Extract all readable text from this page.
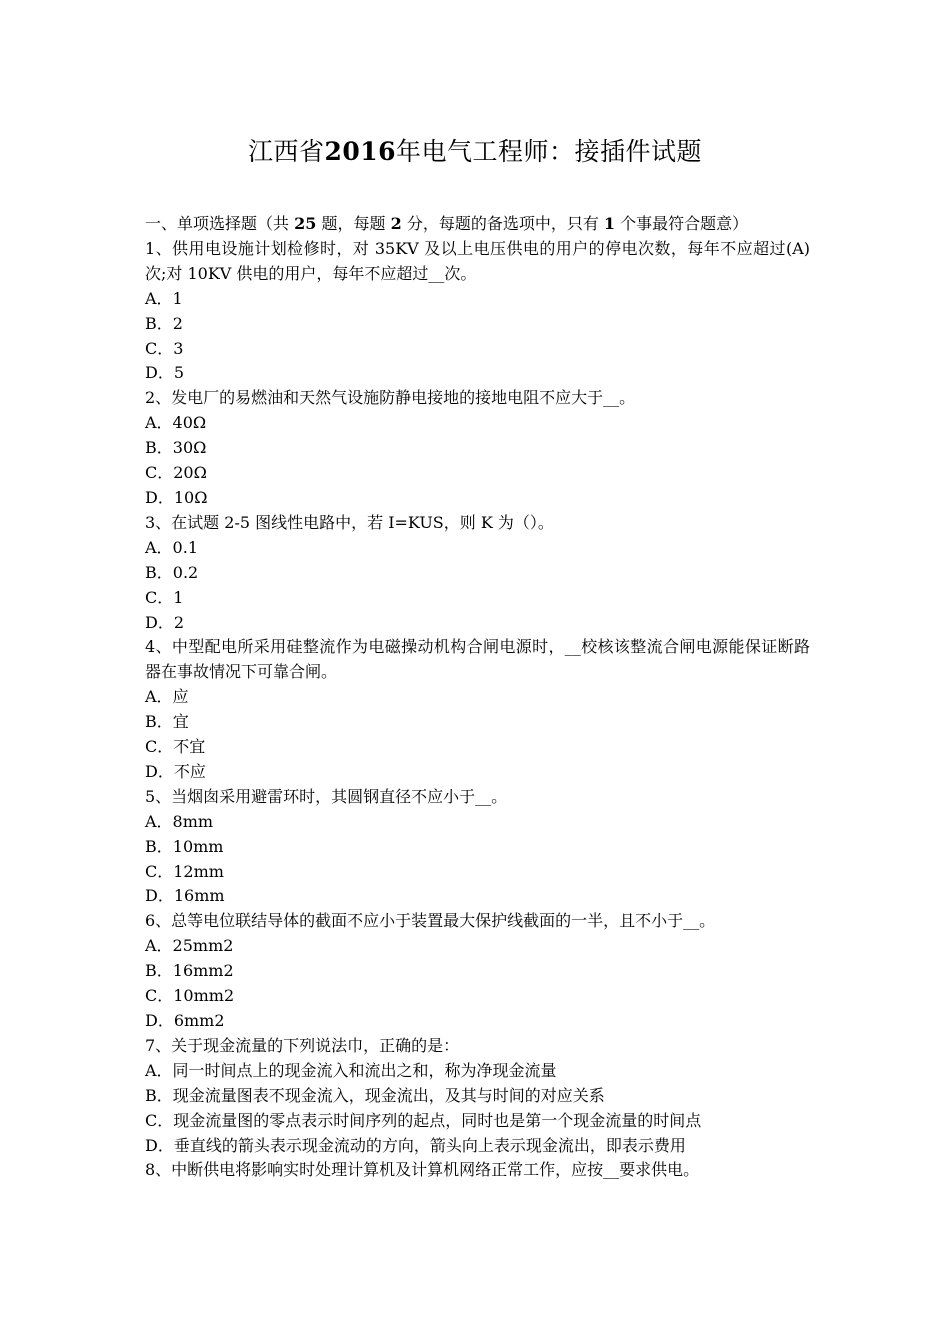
江西省2016年电气工程师：接插件试题
一、单项选择题（共 25 题，每题 2 分，每题的备选项中，只有 1 个事最符合题意）
1、供用电设施计划检修时，对 35KV 及以上电压供电的用户的停电次数，每年不应超过(A)次;对 10KV 供电的用户，每年不应超过__次。
A．1
B．2
C．3
D．5
2、发电厂的易燃油和天然气设施防静电接地的接地电阻不应大于__。
A．40Ω
B．30Ω
C．20Ω
D．10Ω
3、在试题 2-5 图线性电路中，若 I=KUS，则 K 为（）。
A．0.1
B．0.2
C．1
D．2
4、中型配电所采用硅整流作为电磁操动机构合闸电源时，__校核该整流合闸电源能保证断路器在事故情况下可靠合闸。
A．应
B．宜
C．不宜
D．不应
5、当烟囱采用避雷环时，其圆钢直径不应小于__。
A．8mm
B．10mm
C．12mm
D．16mm
6、总等电位联结导体的截面不应小于装置最大保护线截面的一半，且不小于__。
A．25mm2
B．16mm2
C．10mm2
D．6mm2
7、关于现金流量的下列说法巾，正确的是：
A．同一时间点上的现金流入和流出之和，称为净现金流量
B．现金流量图表不现金流入，现金流出，及其与时间的对应关系
C．现金流量图的零点表示时间序列的起点，同时也是第一个现金流量的时间点
D．垂直线的箭头表示现金流动的方向，箭头向上表示现金流出，即表示费用
8、中断供电将影响实时处理计算机及计算机网络正常工作，应按__要求供电。
